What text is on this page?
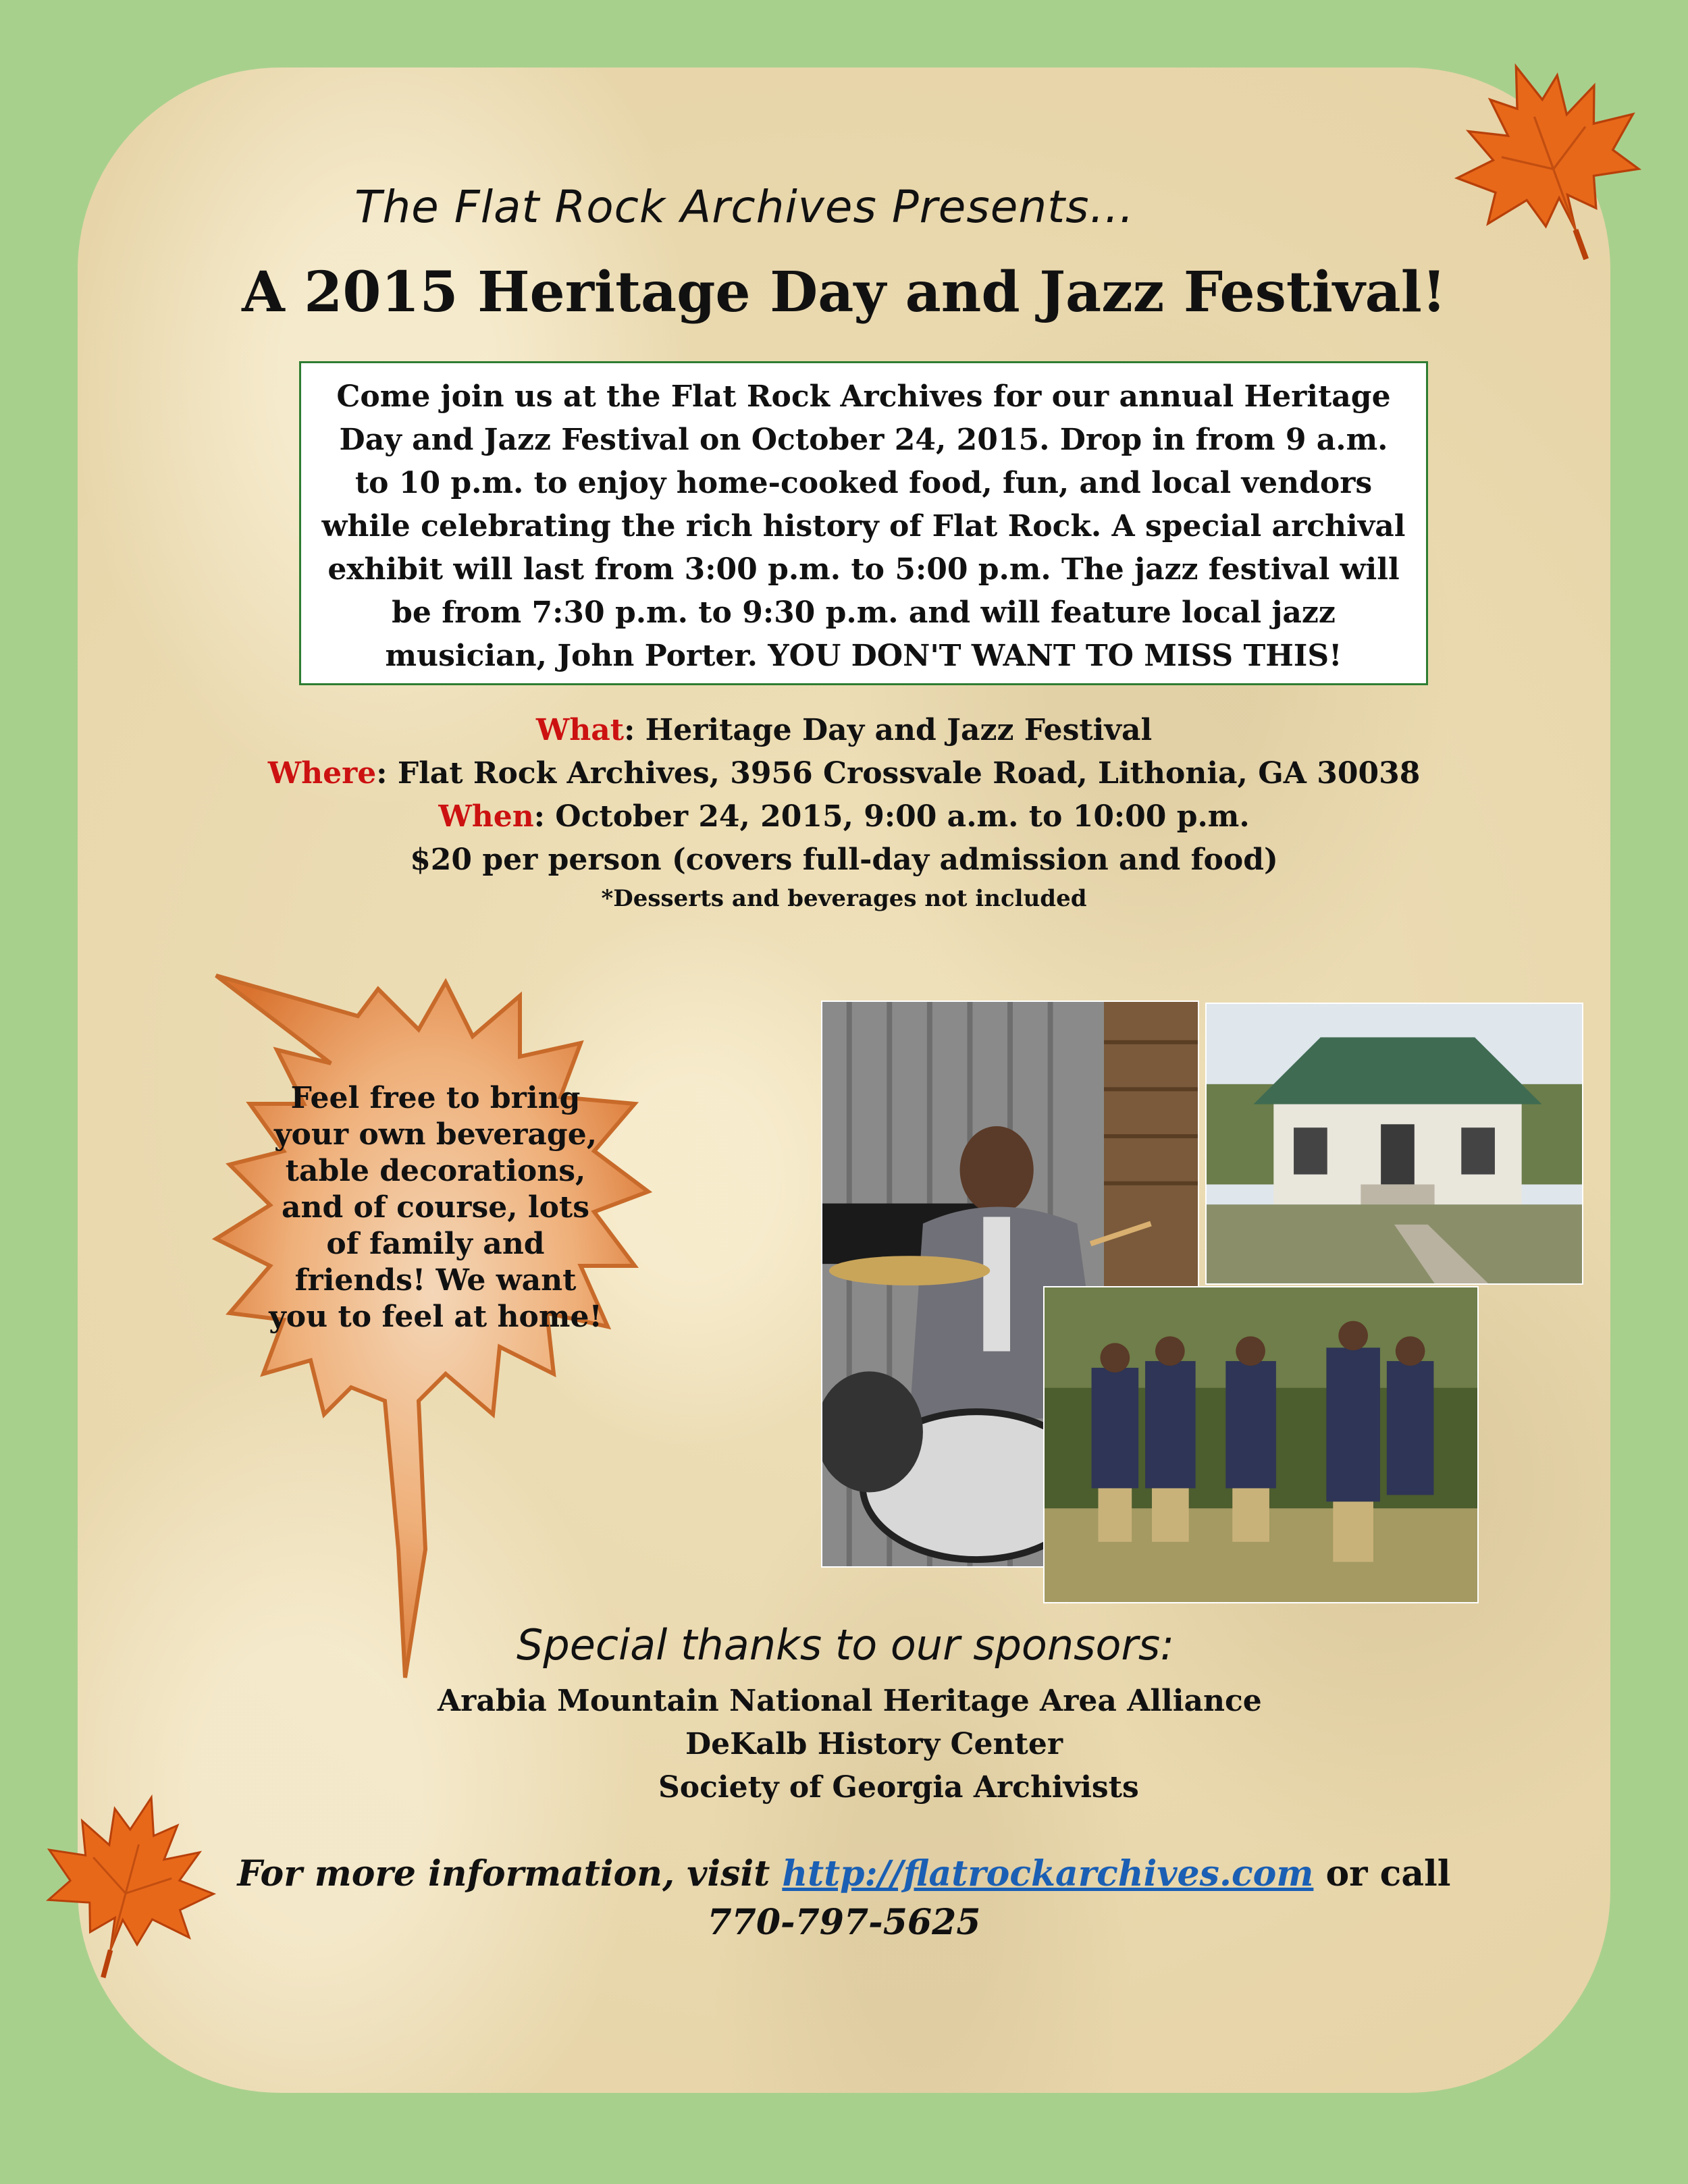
The Flat Rock Archives Presents…
A 2015 Heritage Day and Jazz Festival!
Come join us at the Flat Rock Archives for our annual Heritage Day and Jazz Festival on October 24, 2015. Drop in from 9 a.m. to 10 p.m. to enjoy home-cooked food, fun, and local vendors while celebrating the rich history of Flat Rock. A special archival exhibit will last from 3:00 p.m. to 5:00 p.m. The jazz festival will be from 7:30 p.m. to 9:30 p.m. and will feature local jazz musician, John Porter. YOU DON'T WANT TO MISS THIS!
What: Heritage Day and Jazz Festival
Where: Flat Rock Archives, 3956 Crossvale Road, Lithonia, GA 30038
When: October 24, 2015, 9:00 a.m. to 10:00 p.m.
$20 per person (covers full-day admission and food)
*Desserts and beverages not included
Feel free to bring your own beverage, table decorations, and of course, lots of family and friends! We want you to feel at home!
Special thanks to our sponsors:
Arabia Mountain National Heritage Area Alliance
DeKalb History Center
Society of Georgia Archivists
For more information, visit http://flatrockarchives.com or call
770-797-5625
